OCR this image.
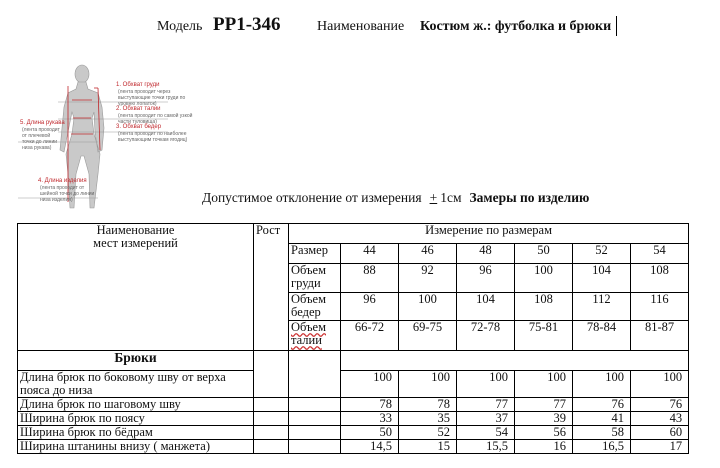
Модель РР1-346	Наименование Костюм ж.: футболка и брюки
1. Обхват груди
(лента проходит через выступающие точки груди по уровню лопаток)
2. Обхват талии
(лента проходит по самой узкой части туловища)
3. Обхват бедер
(лента проходит по наиболее выступающим точкам ягодиц)
5. Длина рукава
(лента проходит от плечевой точки до линии низа рукава)
4. Длина изделия
(лента проходит от шейной точки до линии низа изделия)	Допустимое отклонение от измерения + 1см Замеры по изделию
Наименование
мест измерений	Рост	Измерение по размерам						
		Размер	44	46	48	50	52	54
		Объем груди	88	92	96	100	104	108
		Объем бедер	96	100	104	108	112	116
		Объем талии	66-72	69-75	72-78	75-81	78-84	81-87
Брюки								
Длина брюк по боковому шву от верха пояса до низа			100	100	100	100	100	100

Длина брюк по шаговому шву			78	78	77	77	76	76
Ширина брюк по поясу			33	35	37	39	41	43
Ширина брюк по бёдрам			50	52	54	56	58	60
Ширина штанины внизу ( манжета)			14,5	15	15,5	16	16,5	17
